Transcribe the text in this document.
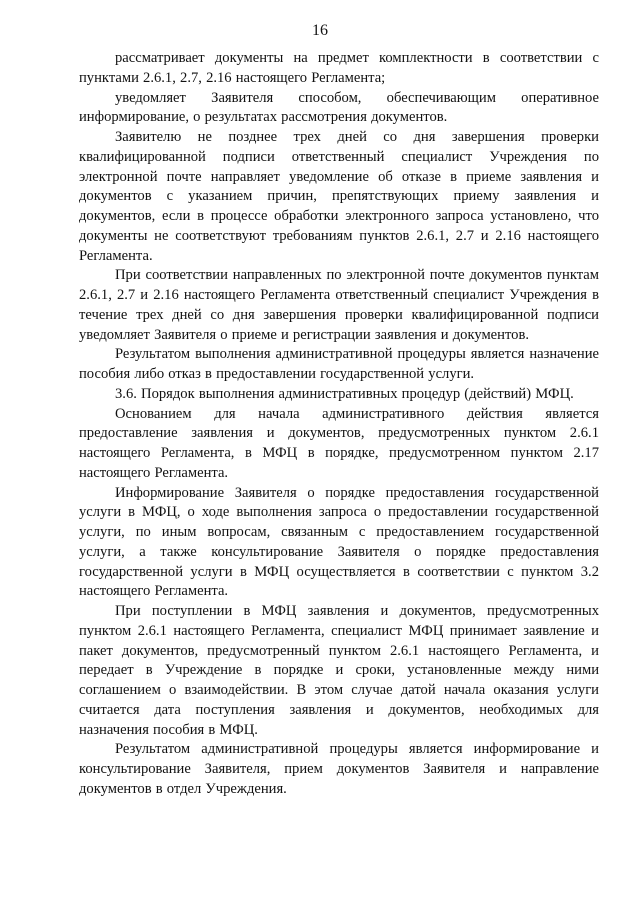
16

рассматривает документы на предмет комплектности в соответствии с пунктами 2.6.1, 2.7, 2.16 настоящего Регламента;

уведомляет Заявителя способом, обеспечивающим оперативное информирование, о результатах рассмотрения документов.

Заявителю не позднее трех дней со дня завершения проверки квалифицированной подписи ответственный специалист Учреждения по электронной почте направляет уведомление об отказе в приеме заявления и документов с указанием причин, препятствующих приему заявления и документов, если в процессе обработки электронного запроса установлено, что документы не соответствуют требованиям пунктов 2.6.1, 2.7 и 2.16 настоящего Регламента.

При соответствии направленных по электронной почте документов пунктам 2.6.1, 2.7 и 2.16 настоящего Регламента ответственный специалист Учреждения в течение трех дней со дня завершения проверки квалифицированной подписи уведомляет Заявителя о приеме и регистрации заявления и документов.

Результатом выполнения административной процедуры является назначение пособия либо отказ в предоставлении государственной услуги.

3.6. Порядок выполнения административных процедур (действий) МФЦ.

Основанием для начала административного действия является предоставление заявления и документов, предусмотренных пунктом 2.6.1 настоящего Регламента, в МФЦ в порядке, предусмотренном пунктом 2.17 настоящего Регламента.

Информирование Заявителя о порядке предоставления государственной услуги в МФЦ, о ходе выполнения запроса о предоставлении государственной услуги, по иным вопросам, связанным с предоставлением государственной услуги, а также консультирование Заявителя о порядке предоставления государственной услуги в МФЦ осуществляется в соответствии с пунктом 3.2 настоящего Регламента.

При поступлении в МФЦ заявления и документов, предусмотренных пунктом 2.6.1 настоящего Регламента, специалист МФЦ принимает заявление и пакет документов, предусмотренный пунктом 2.6.1 настоящего Регламента, и передает в Учреждение в порядке и сроки, установленные между ними соглашением о взаимодействии. В этом случае датой начала оказания услуги считается дата поступления заявления и документов, необходимых для назначения пособия в МФЦ.

Результатом административной процедуры является информирование и консультирование Заявителя, прием документов Заявителя и направление документов в отдел Учреждения.
